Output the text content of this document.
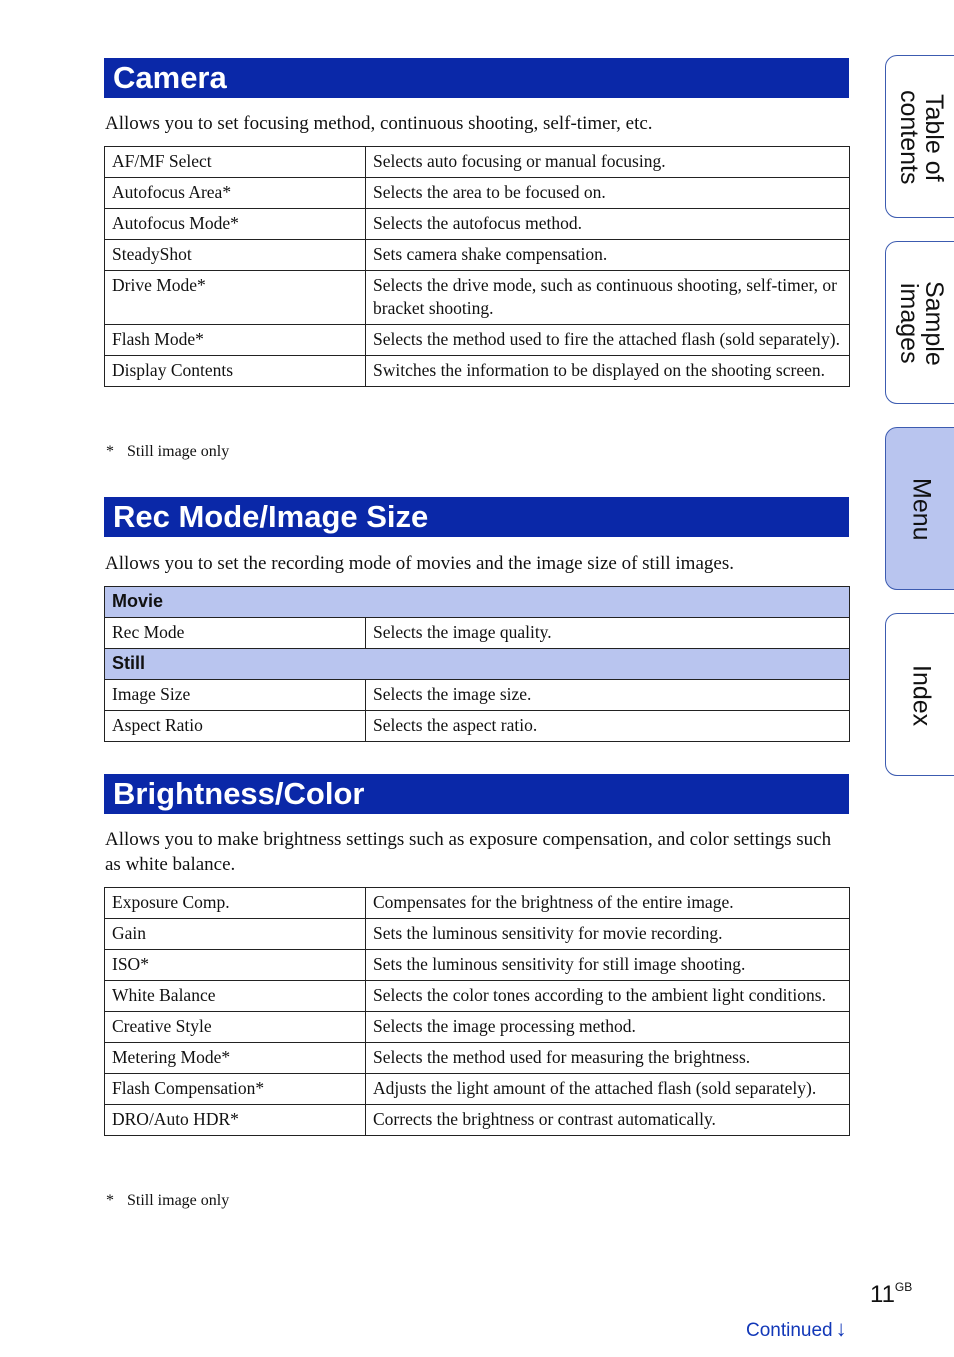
Camera
Allows you to set focusing method, continuous shooting, self-timer, etc.
AF/MF Select	Selects auto focusing or manual focusing.
Autofocus Area*	Selects the area to be focused on.
Autofocus Mode*	Selects the autofocus method.
SteadyShot	Sets camera shake compensation.
Drive Mode*	Selects the drive mode, such as continuous shooting, self-timer, or bracket shooting.
Flash Mode*	Selects the method used to fire the attached flash (sold separately).
Display Contents	Switches the information to be displayed on the shooting screen.
* Still image only
Rec Mode/Image Size
Allows you to set the recording mode of movies and the image size of still images.
Movie	
Rec Mode	Selects the image quality.
Still	
Image Size	Selects the image size.
Aspect Ratio	Selects the aspect ratio.
Brightness/Color
Allows you to make brightness settings such as exposure compensation, and color settings such as white balance.
Exposure Comp.	Compensates for the brightness of the entire image.
Gain	Sets the luminous sensitivity for movie recording.
ISO*	Sets the luminous sensitivity for still image shooting.
White Balance	Selects the color tones according to the ambient light conditions.
Creative Style	Selects the image processing method.
Metering Mode*	Selects the method used for measuring the brightness.
Flash Compensation*	Adjusts the light amount of the attached flash (sold separately).
DRO/Auto HDR*	Corrects the brightness or contrast automatically.
* Still image only
Table of contents
Sample images
Menu
Index
$11^{GB}$
Continued ↓
